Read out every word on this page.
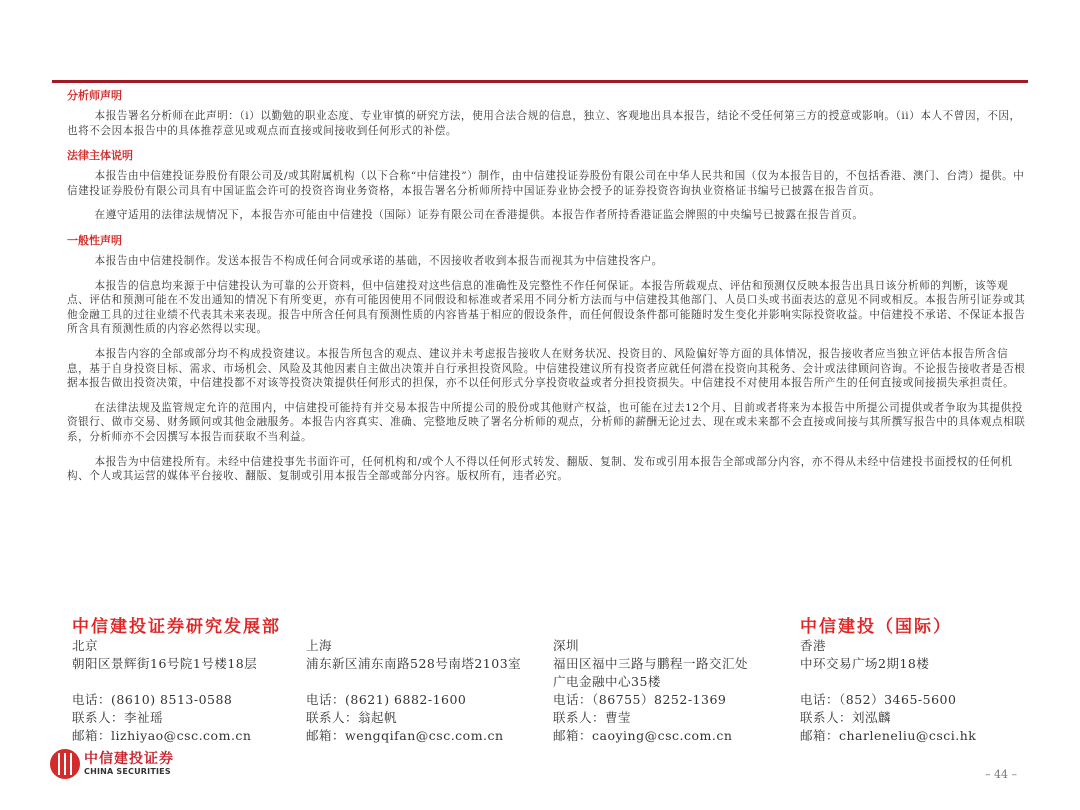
分析师声明
本报告署名分析师在此声明：（i）以勤勉的职业态度、专业审慎的研究方法，使用合法合规的信息，独立、客观地出具本报告，结论不受任何第三方的授意或影响。（ii）本人不曾因，不因，也将不会因本报告中的具体推荐意见或观点而直接或间接收到任何形式的补偿。
法律主体说明
本报告由中信建投证券股份有限公司及/或其附属机构（以下合称“中信建投”）制作，由中信建投证券股份有限公司在中华人民共和国（仅为本报告目的，不包括香港、澳门、台湾）提供。中信建投证券股份有限公司具有中国证监会许可的投资咨询业务资格，本报告署名分析师所持中国证券业协会授予的证券投资咨询执业资格证书编号已披露在报告首页。
在遵守适用的法律法规情况下，本报告亦可能由中信建投（国际）证券有限公司在香港提供。本报告作者所持香港证监会牌照的中央编号已披露在报告首页。
一般性声明
本报告由中信建投制作。发送本报告不构成任何合同或承诺的基础，不因接收者收到本报告而视其为中信建投客户。
本报告的信息均来源于中信建投认为可靠的公开资料，但中信建投对这些信息的准确性及完整性不作任何保证。本报告所载观点、评估和预测仅反映本报告出具日该分析师的判断，该等观点、评估和预测可能在不发出通知的情况下有所变更，亦有可能因使用不同假设和标准或者采用不同分析方法而与中信建投其他部门、人员口头或书面表达的意见不同或相反。本报告所引证券或其他金融工具的过往业绩不代表其未来表现。报告中所含任何具有预测性质的内容皆基于相应的假设条件，而任何假设条件都可能随时发生变化并影响实际投资收益。中信建投不承诺、不保证本报告所含具有预测性质的内容必然得以实现。
本报告内容的全部或部分均不构成投资建议。本报告所包含的观点、建议并未考虑报告接收人在财务状况、投资目的、风险偏好等方面的具体情况，报告接收者应当独立评估本报告所含信息，基于自身投资目标、需求、市场机会、风险及其他因素自主做出决策并自行承担投资风险。中信建投建议所有投资者应就任何潜在投资向其税务、会计或法律顾问咨询。不论报告接收者是否根据本报告做出投资决策，中信建投都不对该等投资决策提供任何形式的担保，亦不以任何形式分享投资收益或者分担投资损失。中信建投不对使用本报告所产生的任何直接或间接损失承担责任。
在法律法规及监管规定允许的范围内，中信建投可能持有并交易本报告中所提公司的股份或其他财产权益，也可能在过去12个月、目前或者将来为本报告中所提公司提供或者争取为其提供投资银行、做市交易、财务顾问或其他金融服务。本报告内容真实、准确、完整地反映了署名分析师的观点，分析师的薪酬无论过去、现在或未来都不会直接或间接与其所撰写报告中的具体观点相联系，分析师亦不会因撰写本报告而获取不当利益。
本报告为中信建投所有。未经中信建投事先书面许可，任何机构和/或个人不得以任何形式转发、翻版、复制、发布或引用本报告全部或部分内容，亦不得从未经中信建投书面授权的任何机构、个人或其运营的媒体平台接收、翻版、复制或引用本报告全部或部分内容。版权所有，违者必究。
中信建投证券研究发展部	中信建投（国际）
北京
朝阳区景辉街16号院1号楼18层
电话：(8610) 8513-0588
联系人：李祉瑶
邮箱：lizhiyao@csc.com.cn
上海
浦东新区浦东南路528号南塔2103室
电话：(8621) 6882-1600
联系人：翁起帆
邮箱：wengqifan@csc.com.cn
深圳
福田区福中三路与鹏程一路交汇处
广电金融中心35楼
电话：（86755）8252-1369
联系人：曹莹
邮箱：caoying@csc.com.cn
香港
中环交易广场2期18楼
电话：（852）3465-5600
联系人：刘泓麟
邮箱：charleneliu@csci.hk
中信建投证券
CHINA SECURITIES	– 44 –
